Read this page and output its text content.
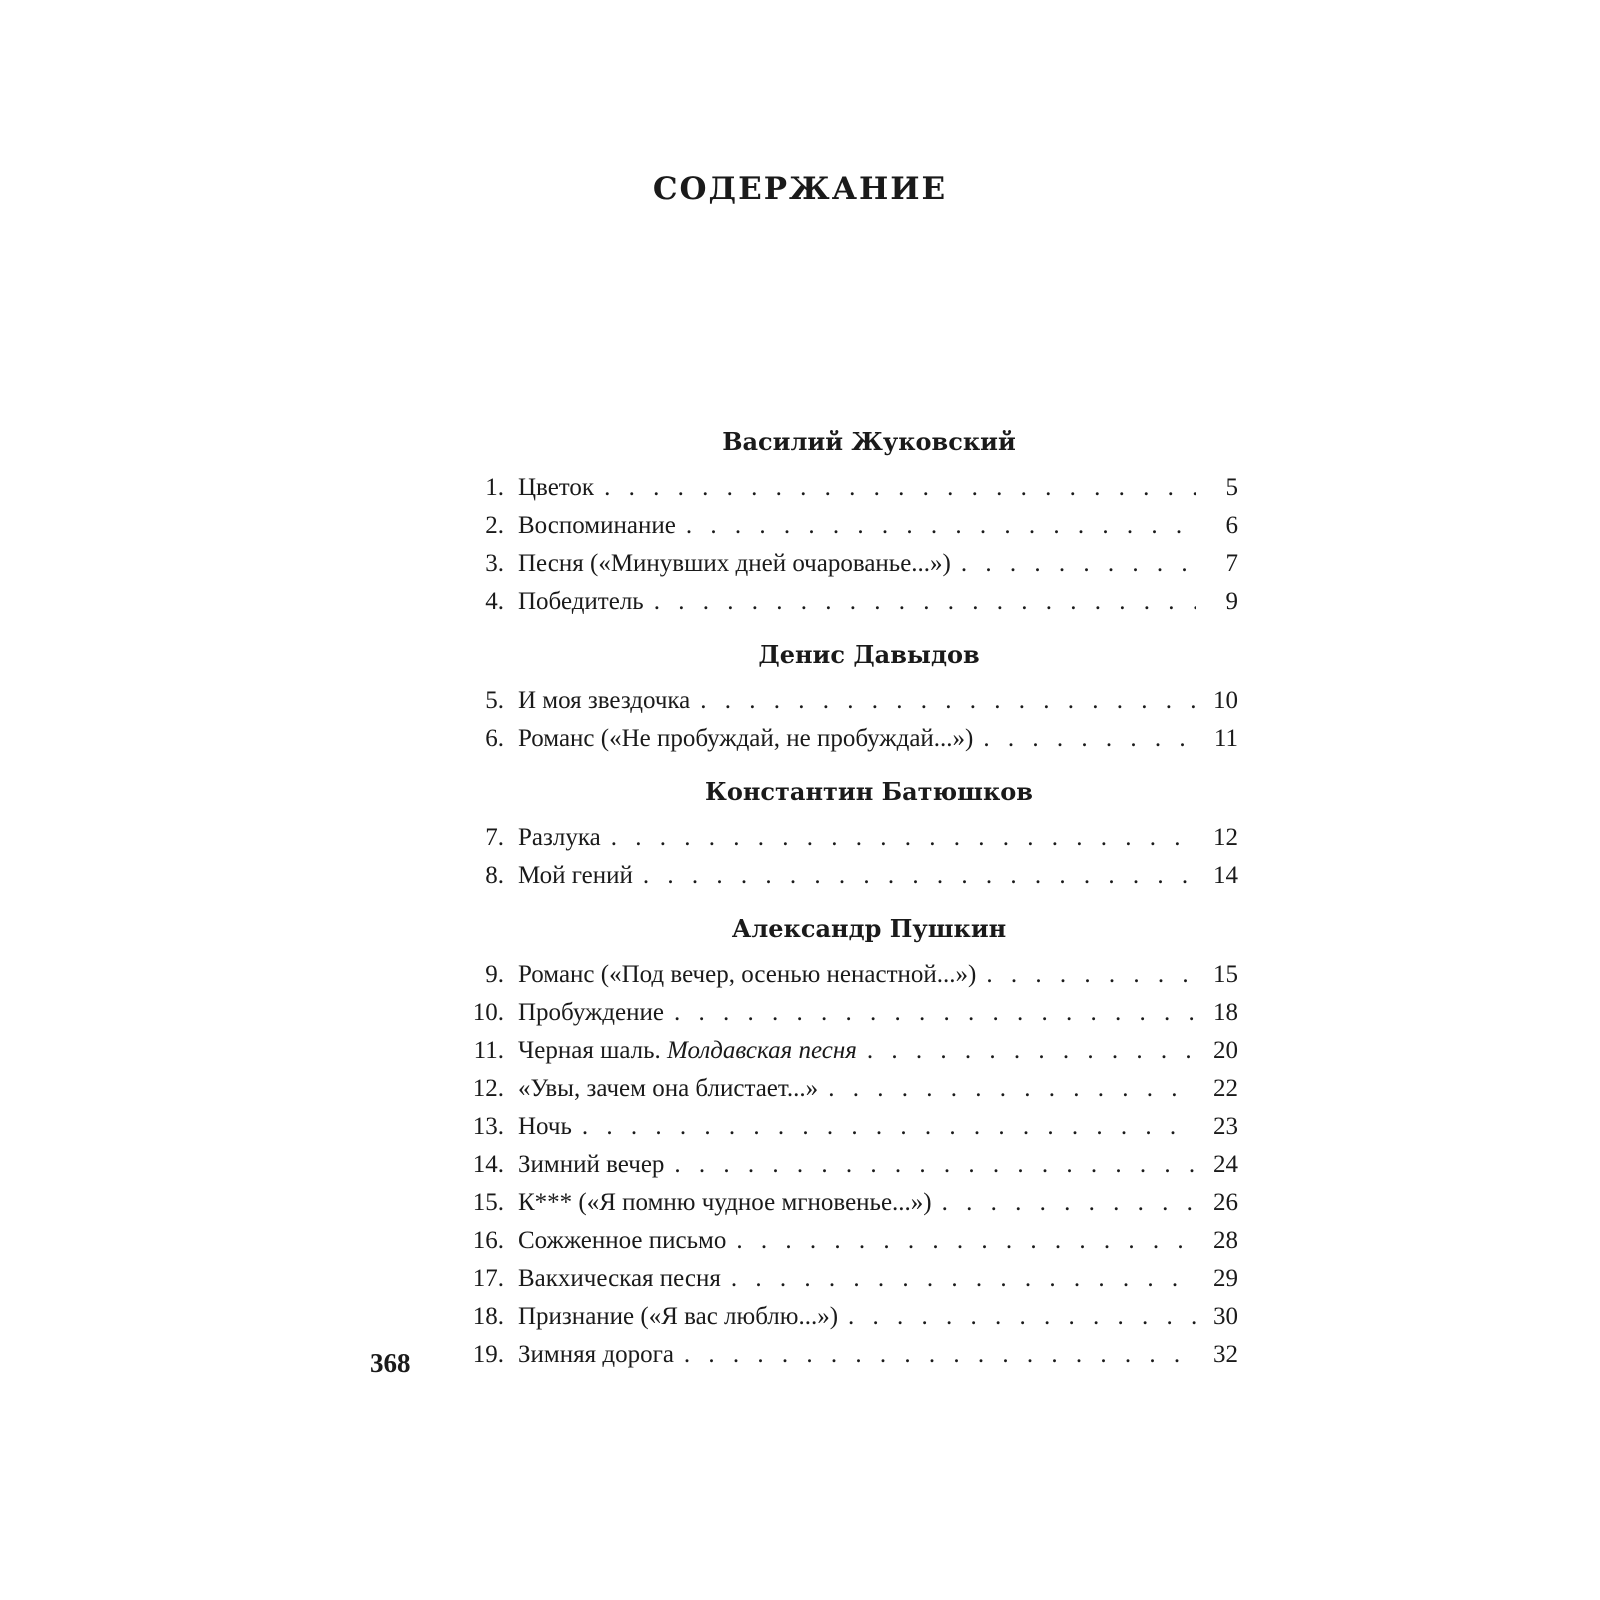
СОДЕРЖАНИЕ
Василий Жуковский
1. Цветок . . .	5
2. Воспоминание . . .	6
3. Песня («Минувших дней очарованье...») . . .	7
4. Победитель . . .	9
Денис Давыдов
5. И моя звездочка . . .	10
6. Романс («Не пробуждай, не пробуждай...») . . .	11
Константин Батюшков
7. Разлука . . .	12
8. Мой гений . . .	14
Александр Пушкин
9. Романс («Под вечер, осенью ненастной...») . . .	15
10. Пробуждение . . .	18
11. Черная шаль. Молдавская песня . . .	20
12. «Увы, зачем она блистает...» . . .	22
13. Ночь . . .	23
14. Зимний вечер . . .	24
15. К*** («Я помню чудное мгновенье...») . . .	26
16. Сожженное письмо . . .	28
17. Вакхическая песня . . .	29
18. Признание («Я вас люблю...») . . .	30
19. Зимняя дорога . . .	32
368
